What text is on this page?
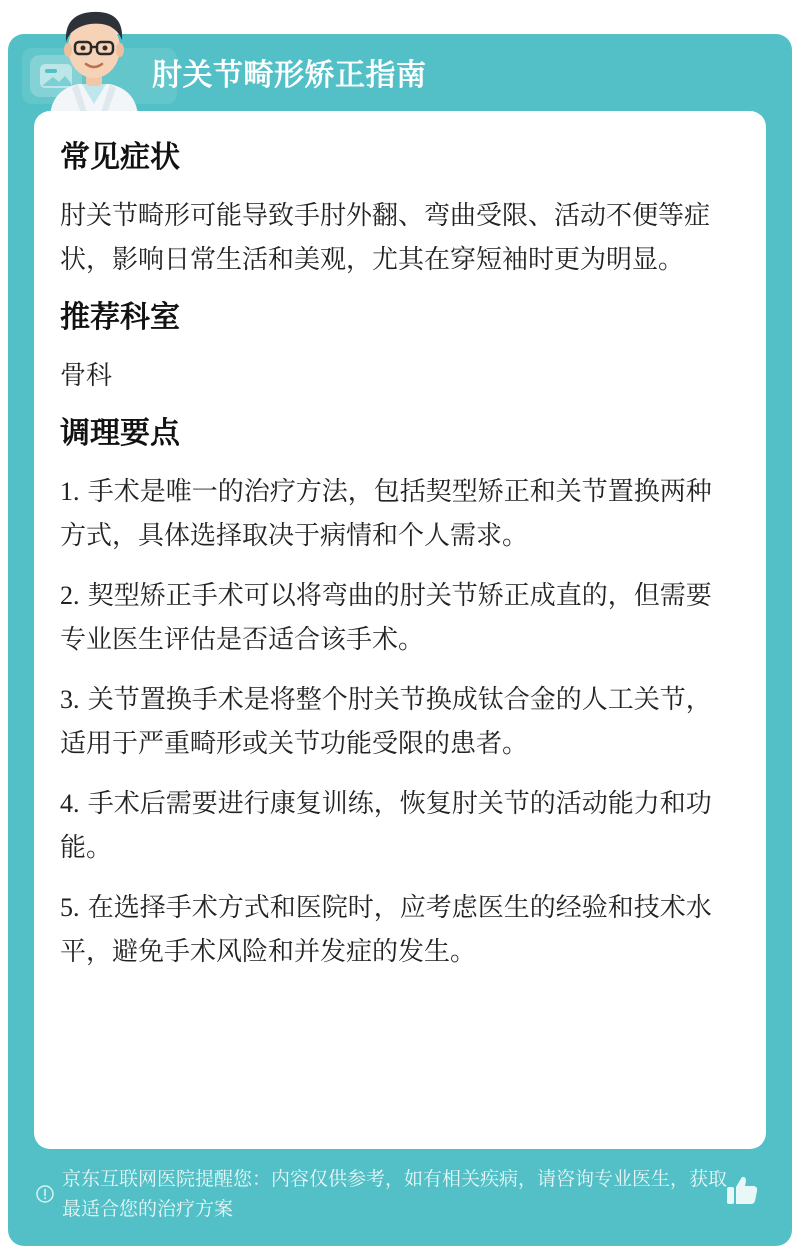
肘关节畸形矫正指南
常见症状
肘关节畸形可能导致手肘外翻、弯曲受限、活动不便等症状，影响日常生活和美观，尤其在穿短袖时更为明显。
推荐科室
骨科
调理要点
1. 手术是唯一的治疗方法，包括契型矫正和关节置换两种方式，具体选择取决于病情和个人需求。
2. 契型矫正手术可以将弯曲的肘关节矫正成直的，但需要专业医生评估是否适合该手术。
3. 关节置换手术是将整个肘关节换成钛合金的人工关节，适用于严重畸形或关节功能受限的患者。
4. 手术后需要进行康复训练，恢复肘关节的活动能力和功能。
5. 在选择手术方式和医院时，应考虑医生的经验和技术水平，避免手术风险和并发症的发生。
京东互联网医院提醒您：内容仅供参考，如有相关疾病，请咨询专业医生，获取最适合您的治疗方案
